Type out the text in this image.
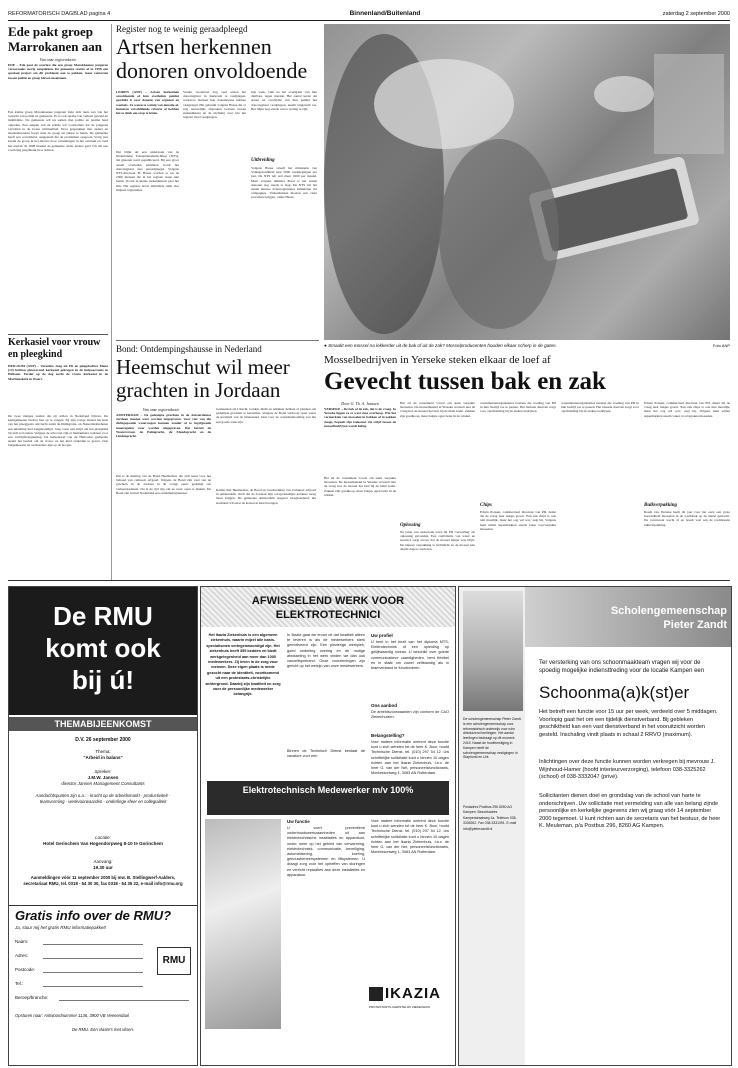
REFORMATORISCH DAGBLAD pagina 4	Binnenland/Buitenland	zaterdag 2 september 2000
Ede pakt groep Marrokanen aan
Van onze regioredactie
EDE – Ede gaat de overlast die een groep Marokkaanse jongeren veroorzaakt stevig aanpakken. De gemeente startte al in 1998 een speciaal project om dit probleem aan te pakken, maar contacten tussen politie en groep bleven moeizaam.
Een kleine groep Marokkaanse jongeren trekt zich niets aan van het toezicht van politie en gemeente. Er is ook sprake van verbaal geweld en intimidatie. De gemeente wil nu samen met politie en justitie hard optreden. Een aanpak van de politie wil voorkomen dat de jongeren vervallen in de zware criminaliteit. Door gesprekken met ouders en moskeebesturen hoopt men de groep uit elkaar te halen. De gemeente heeft een coördinator aangesteld die de problemen opspoort. Vorig jaar kwam de groep in het nieuws door vernielingen in het centrum en rond het station. In 1998 maakte de gemeente onder andere geld vrij om een voorlopig jeugdhonk in te richten.
Kerkasiel voor vrouw en pleegkind
HEILOOM (ANP) – Veronika Jong uit Eli en pleegdochter Elena (14) hebben gisteravond kerkasiel gekregen in de hulpsacrastie in Heiloom. Eerder op de dag zocht de vrouw kerkasiel in de Martinuskerk in Waert.
De twee meisjes zeiden dat zij willen in Nederland blijven. De kerkgemeente besloot hen op te vangen. Zij zijn vorige maand het huis van het pleeggezin ontvlucht nadat de Immigratie- en Naturalisatiedienst een uitzetting had aangekondigd. Jong voert een strijd om het pleegkind bij zich te houden. Volgens de advocaat zijn er humanitaire redenen voor een verblijfsvergunning. De kerkenraad van de Heilooëse gemeente steunt het besluit om de vrouw en het kind onderdak te geven. Ook burgemeester en wethouders zijn op de hoogte.
Register nog te weinig geraadpleegd
Artsen herkennen donoren onvoldoende
LEIDEN (ANP) – Artsen herkennen onvoldoende of hun overleden patiënt geschikt is voor donatie van organen en weefsels. Ze weten te weinig van donatie af, hanteren verschillende criteria of hebben het te druk om erop te letten.
Dat blijkt uit een onderzoek van de Nederlandse Transplantatiestichting (NTS), dat gisteren werd gepubliceerd. Bij een groot aantal overleden patiënten wordt het donorregister niet geraadpleegd. Volgens NTS-directeur B. Haase worden er nu de 2500 mensen die in het register staan niet benut. Vooral in kleine ziekenhuizen gaat het mis. Het register bevat inmiddels ruim vier miljoen registraties.
Verder verontrust nog veel artsen het donorregister in Kerkrade te raadplegen, waardoor mensen hun donatiewens hebben vastgelegd. Het gebruikt volgens Haase dat er nog nauwelijks afspraken bestaan tussen ziekenhuizen en de stichting over wie het register moet raadplegen.
zijn vaak, vlak na het overlijden van hun dierbare, tegen donatie. Het aantal keren dat artsen na overlijden van hun patiënt het donorregister raadplegen, neemt langzaam toe. Het blijkt nog steeds van te weinig te zijn.
Uitbreiding
Volgens Haase streeft het ministerie van Volksgezondheid naar 5000 raadplegingen per jaar. De NTS telt wel meer 1000 per maand. Maar volgens minister Borst is het aantal donoren nog steeds te laag. De NTS wil het aantal nieuwe donorregistraties stimuleren via campagnes. 'Ziekenhuizen moeten een vaste procedure krijgen,' aldus Haase.
● Smaakt een mossel na lekkerder uit de bak of uit de zak? Mosselproducenten houden elkaar scherp in de gaten.	Foto ANP
Bond: Ontdempingshausse in Nederland
Heemschut wil meer grachten in Jordaan
Van onze regioredactie
AMSTERDAM – De gedempte grachten in de Amsterdamse Jordaan moeten weer worden uitgegraven. Voor vier van die dichtgegooide waterwegen kunnen zonder al te ingrijpende maatregelen weer worden uitgegraven. Dat betreft de Westerstraat, de Palmgracht, de Elandsgracht en de Lindengracht.
Dat is de mening van de Bond Heemschut, die zich inzet voor het behoud van cultureel erfgoed. Volgens de Bond zijn veel van de grachten in de Jordaan in de vorige eeuw gedempt om verkeersredenen. Nu is de tijd rijp om ze weer open te maken. De Bond ziet in heel Nederland een ontdempingshausse.
Gemeenten als Utrecht, Leiden, Delft en Alkmaar hebben al plannen om gedempte grachten te herstellen. Volgens de Bond verhoogt open water de kwaliteit van de binnenstad. Ook voor de waterhuishouding zou het een goede zaak zijn.
Kamer met Heemschut, de Bond ter bescherming van Cultureel erfgoed in Amsterdam, vindt dat de Jordaan zijn oorspronkelijke karakter terug moet krijgen. De gemeente Amsterdam reageert terughoudend; het stadsdeel wil eerst de kosten in kaart brengen.
Mosselbedrijven in Yerseke steken elkaar de loef af
Gevecht tussen bak en zak
Door G. Th. A. Janssen
YERSEKE – De bak of de zak, dat is de vraag. In Yerseke liggen ze er weer mee overhoop. Wie het vermarkten van mosselen in bakken of in zakken slaagt, bepaalt zijn toekomst. De strijd tussen de mosselbedrijven wordt heftig.
Het zit de consument vooral om sterk verpakte mosselen. De mosselhandel in Yerseke worstelt met de vraag hoe de mossel het best bij de klant komt. Zakken zijn goedkoop, maar bakjes ogen beter in de winkel.
Het zit de consument vooral om sterk verpakte mosselen. De mosselhandel in Yerseke worstelt met de vraag hoe de mossel het best bij de klant komt. Zakken zijn goedkoop, maar bakjes ogen beter in de winkel.
Oplossing
Na jaren van onderzoek werd bij PD 'vervuiling' als oplossing gevonden. Een combinatie van water en zuurstof zorgt ervoor dat de mossel langer vers blijft. De nieuwe verpakking is luchtdicht en de mossel kan daarin dagen overleven.
consumentenorganisaties bestaan die voeding van PD in hun bedrijf toe te passen. Het bestaan daarvan zorgt voor opschudding bij de andere bedrijven.
Chips
Edwin Ponsen, commercieel directeur van PD, denkt dat de vraag naar bakjes groeit. 'Een zak chips is ook niet moeilijk, maar het oog wil wat,' zegt hij. Volgens hem willen supermarkten steeds vaker voorverpakte mosselen.
consumentenorganisaties bestaan die voeding van PD in hun bedrijf toe te passen. Het bestaan daarvan zorgt voor opschudding bij de andere bedrijven.
Edwin Ponsen, commercieel directeur van PD, denkt dat de vraag naar bakjes groeit. 'Een zak chips is ook niet moeilijk, maar het oog wil wat,' zegt hij. Volgens hem willen supermarkten steeds vaker voorverpakte mosselen.
Bulkverpakking
Roem van Yerseke heeft dit jaar voor het eerst een grote hoeveelheid mosselen in de 2-kilobak op de markt gebracht. De concurrent wacht af en houdt vast aan de traditionele bulkverpakking.
De RMU
komt ook
bij ú!
THEMABIJEENKOMST
D.V. 26 september 2000
Thema:
"Arbeid in balans"
Spreker:
J.M.W. Jansen
director Jansen Management Consultants
Aandachtspunten zijn o.a.: - kracht op de arbeidsmarkt - productiviteit - teamvorming - werkvoorwaarden - onderlinge sfeer en collegialiteit
Locatie:
Hotel Gerinchem Van Hogendorpweg 8-10 te Gorinchem
Aanvang:
19.30 uur
Aanmeldingen vóór 11 september 2000 bij mw. B. Stellingwerf-Aalders, secretariaat RMU, tel. 0318 - 54 30 30, fax 0318 - 54 35 22, e-mail info@rmu.org
Gratis info over de RMU?
Ja, stuur mij het gratis RMU informatiepakket!
Naam:
Adres:
Postcode:
Tel.:
Beroep/branche:
RMU
Opsturen naar: Antwoordnummer 1136, 3900 VB Veenendaal
De RMU. Een vlaste's met vilsen.
AFWISSELEND WERK VOOR
ELEKTROTECHNICI
Het Ikazia Ziekenhuis is een algemeen ziekenhuis, waarin mijzel alle basis-specialismen vertegenwoordigd zijn. Het ziekenhuis heeft 359 bedden en biedt werkgelegenheid aan meer dan 1000 medewerkers. Zij leven in de zorg voor mensen. Deze eigen plaats is mede gezocht naar de identiteit, voortkomend uit een protestants-christelijke achtergrond. Daarbij zijn kwaliteit en zorg voor de persoonlijke medewerker belangrijk.
In Ikazia gaat we ervan uit dat kwaliteit alleen te leveren is als de medewerkers sterk gemotiveerd zijn. Een plezierige werkplek, goed onderling overleg en de nodige afwisseling in het werk vinden we dan ook vanzelfsprekend. Onze voorzieningen zijn gericht op het welzijn van onze medewerkers.
Binnen de Technisch Dienst bestaat de vacature voor een
Elektrotechnisch Medewerker m/v 100%
Uw functie
U voert preventieve onderhoudswerkzaamheden uit aan elektrotechnische installaties en apparatuur, onder meer op het gebied van verwarming, elektrotechniek, communicatie, beveiliging, automatisering, koeling, gebouwbeheersystemen en liftsystemen. U draagt zorg voor het opheffen van storingen en verricht reparaties aan deze installaties en apparatuur.
Uw profiel
U bent in het bezit van het diploma MTS-Elektrotechniek of een opleiding op gelijkwaardig niveau. U beschikt over goede communicatieve vaardigheden, bent flexibel en in staat om zowel zelfstandig als in teamverband te functioneren.
Ons aanbod
De arbeidsvoorwaarden zijn conform de CAO Ziekenhuizen.
Belangstelling?
Voor nadere informatie omtrent deze functie kunt u zich wenden tot de heer K. Buur, hoofd Technische Dienst, tel. (010) 297 54 12. Uw schriftelijke sollicitatie kunt u binnen 10 dagen richten aan het Ikazia Ziekenhuis, t.a.v. de heer G. van der Net, personeelsfunctionaris, Montessoriweg 1, 3083 AN Rotterdam.
Voor nadere informatie omtrent deze functie kunt u zich wenden tot de heer K. Buur, hoofd Technische Dienst, tel. (010) 297 54 12. Uw schriftelijke sollicitatie kunt u binnen 10 dagen richten aan het Ikazia Ziekenhuis, t.a.v. de heer G. van der Net, personeelsfunctionaris, Montessoriweg 1, 3083 AN Rotterdam.
IKAZIA
PROTESTANTS-CHRISTELIJK ZIEKENHUIS
Scholengemeenschap
Pieter Zandt
De scholengemeenschap Pieter Zandt is een scholengemeenschap voor reformatorisch onderwijs voor ruim drieduizend leerlingen. Het aantal leerlingen bedraagt op dit moment 2415. Naast de hoofdvestiging in Kampen heeft de scholengemeenschap vestigingen in Staphorst en Urk.
Postadres Postbus 296 8260 AG Kampen. Bezoekadres Kamperstraatweg 1a. Telefoon 038-3335262. Fax 038-3331391. E-mail info@pieterzandt.nl
Ter versterking van ons schoonmaakteam vragen wij voor de spoedig mogelijke indiensttreding voor de locatie Kampen een
Schoonma(a)k(st)er
Het betreft een functie voor 15 uur per week, verdeeld over 5 middagen. Voorlopig gaat het om een tijdelijk dienstverband. Bij gebleken geschiktheid kan een vast dienstverband in het vooruitzicht worden gesteld. Inschaling vindt plaats in schaal 2 RRVO (maximum).
Inlichtingen over deze functie kunnen worden verkregen bij mevrouw J. Wijnhoud-Hamer (hoofd interieurverzorging), telefoon 038-3325262 (school) of 038-3332047 (privé).
Sollicitanten dienen doel en grondslag van de school van harte te onderschrijven. Uw sollicitatie met vermelding van alle van belang zijnde persoonlijke en kerkelijke gegevens zien wij graag vóór 14 september 2000 tegemoet. U kunt richten aan de secretaris van het bestuur, de heer K. Meuleman, p/a Postbus 296, 8260 AG Kampen.
